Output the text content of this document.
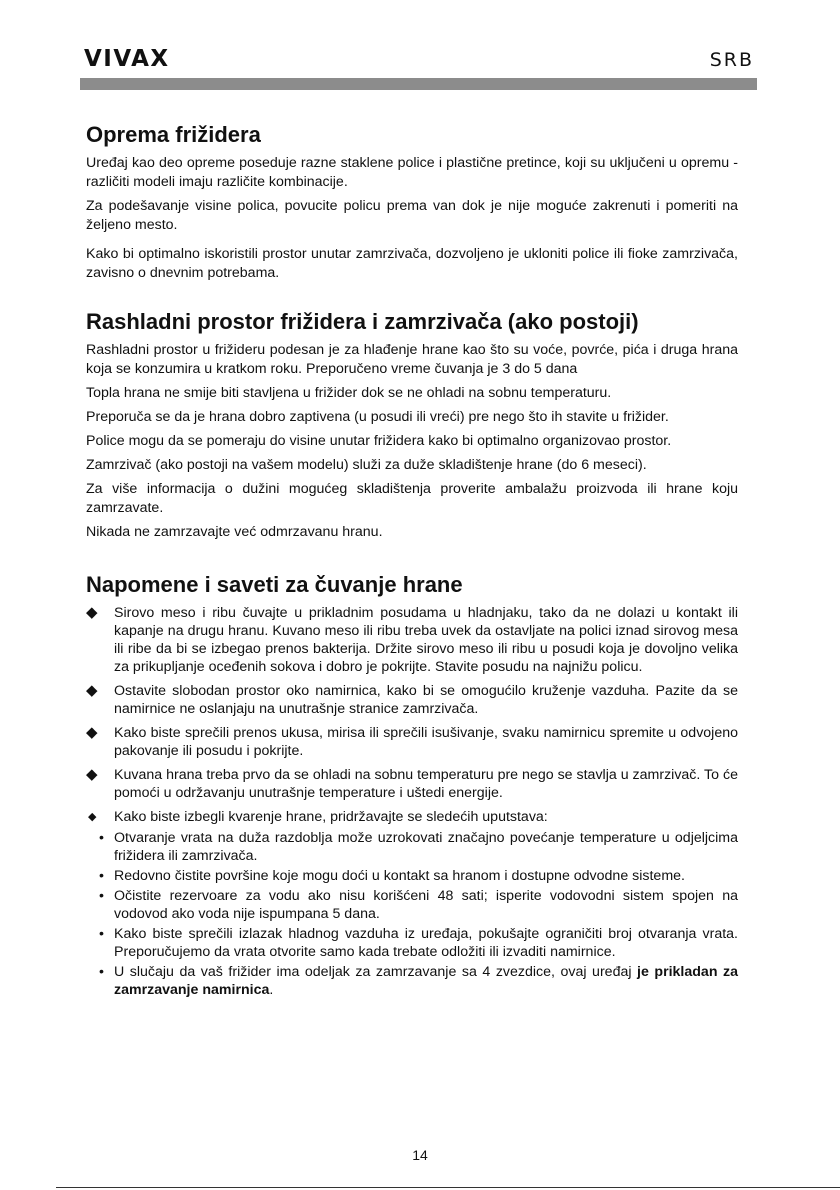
VIVAX	SRB
Oprema frižidera

Uređaj kao deo opreme poseduje razne staklene police i plastične pretince, koji su uključeni u opremu - različiti modeli imaju različite kombinacije.

Za podešavanje visine polica, povucite policu prema van dok je nije moguće zakrenuti i pomeriti na željeno mesto.

Kako bi optimalno iskoristili prostor unutar zamrzivača, dozvoljeno je ukloniti police ili fioke zamrzivača, zavisno o dnevnim potrebama.

Rashladni prostor frižidera i zamrzivača (ako postoji)

Rashladni prostor u frižideru podesan je za hlađenje hrane kao što su voće, povrće, pića i druga hrana koja se konzumira u kratkom roku. Preporučeno vreme čuvanja je 3 do 5 dana

Topla hrana ne smije biti stavljena u frižider dok se ne ohladi na sobnu temperaturu.

Preporuča se da je hrana dobro zaptivena (u posudi ili vreći) pre nego što ih stavite u frižider.

Police mogu da se pomeraju do visine unutar frižidera kako bi optimalno organizovao prostor.

Zamrzivač (ako postoji na vašem modelu) služi za duže skladištenje hrane (do 6 meseci).

Za više informacija o dužini mogućeg skladištenja proverite ambalažu proizvoda ili hrane koju zamrzavate.

Nikada ne zamrzavajte već odmrzavanu hranu.

Napomene i saveti za čuvanje hrane
◆ Sirovo meso i ribu čuvajte u prikladnim posudama u hladnjaku, tako da ne dolazi u kontakt ili kapanje na drugu hranu. Kuvano meso ili ribu treba uvek da ostavljate na polici iznad sirovog mesa ili ribe da bi se izbegao prenos bakterija. Držite sirovo meso ili ribu u posudi koja je dovoljno velika za prikupljanje oceđenih sokova i dobro je pokrijte. Stavite posudu na najnižu policu.
◆ Ostavite slobodan prostor oko namirnica, kako bi se omogućilo kruženje vazduha. Pazite da se namirnice ne oslanjaju na unutrašnje stranice zamrzivača.
◆ Kako biste sprečili prenos ukusa, mirisa ili sprečili isušivanje, svaku namirnicu spremite u odvojeno pakovanje ili posudu i pokrijte.
◆ Kuvana hrana treba prvo da se ohladi na sobnu temperaturu pre nego se stavlja u zamrzivač. To će pomoći u održavanju unutrašnje temperature i uštedi energije.
◆ Kako biste izbegli kvarenje hrane, pridržavajte se sledećih uputstava:
• Otvaranje vrata na duža razdoblja može uzrokovati značajno povećanje temperature u odjeljcima frižidera ili zamrzivača.
• Redovno čistite površine koje mogu doći u kontakt sa hranom i dostupne odvodne sisteme.
• Očistite rezervoare za vodu ako nisu korišćeni 48 sati; isperite vodovodni sistem spojen na vodovod ako voda nije ispumpana 5 dana.
• Kako biste sprečili izlazak hladnog vazduha iz uređaja, pokušajte ograničiti broj otvaranja vrata. Preporučujemo da vrata otvorite samo kada trebate odložiti ili izvaditi namirnice.
• U slučaju da vaš frižider ima odeljak za zamrzavanje sa 4 zvezdice, ovaj uređaj je prikladan za zamrzavanje namirnica.
14
